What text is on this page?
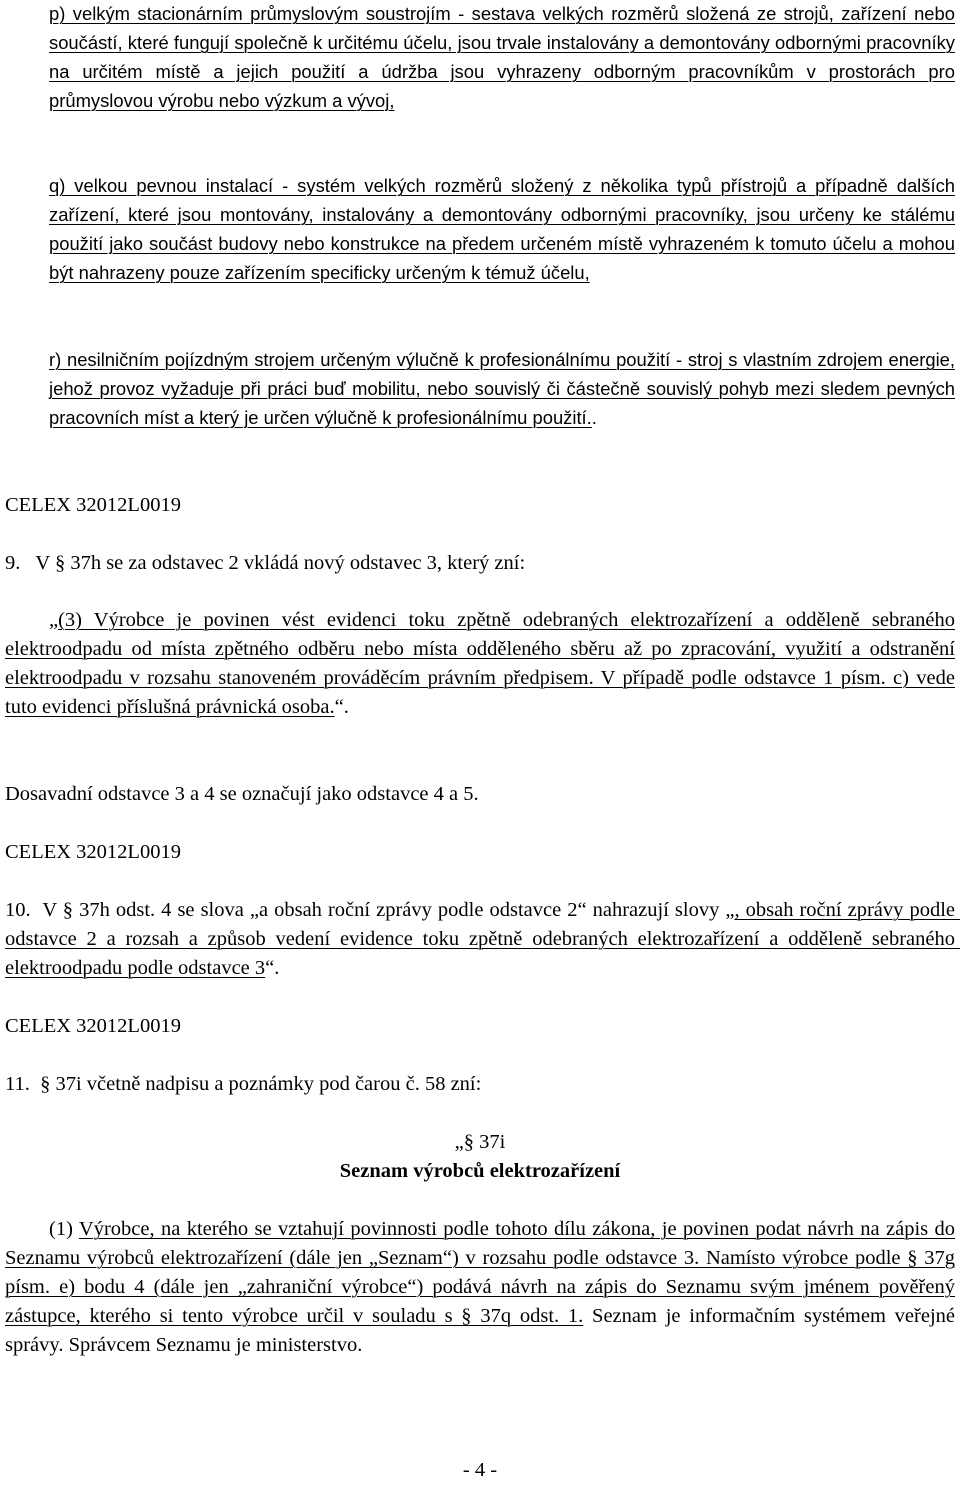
p) velkým stacionárním průmyslovým soustrojím - sestava velkých rozměrů složená ze strojů, zařízení nebo součástí, které fungují společně k určitému účelu, jsou trvale instalovány a demontovány odbornými pracovníky na určitém místě a jejich použití a údržba jsou vyhrazeny odborným pracovníkům v prostorách pro průmyslovou výrobu nebo výzkum a vývoj,

q) velkou pevnou instalací - systém velkých rozměrů složený z několika typů přístrojů a případně dalších zařízení, které jsou montovány, instalovány a demontovány odbornými pracovníky, jsou určeny ke stálému použití jako součást budovy nebo konstrukce na předem určeném místě vyhrazeném k tomuto účelu a mohou být nahrazeny pouze zařízením specificky určeným k témuž účelu,

r) nesilničním pojízdným strojem určeným výlučně k profesionálnímu použití - stroj s vlastním zdrojem energie, jehož provoz vyžaduje při práci buď mobilitu, nebo souvislý či částečně souvislý pohyb mezi sledem pevných pracovních míst a který je určen výlučně k profesionálnímu použití..

CELEX 32012L0019

9.   V § 37h se za odstavec 2 vkládá nový odstavec 3, který zní:

„(3) Výrobce je povinen vést evidenci toku zpětně odebraných elektrozařízení a odděleně sebraného elektroodpadu od místa zpětného odběru nebo místa odděleného sběru až po zpracování, využití a odstranění elektroodpadu v rozsahu stanoveném prováděcím právním předpisem. V případě podle odstavce 1 písm. c) vede tuto evidenci příslušná právnická osoba.“.

Dosavadní odstavce 3 a 4 se označují jako odstavce 4 a 5.

CELEX 32012L0019

10.  V § 37h odst. 4 se slova „a obsah roční zprávy podle odstavce 2“ nahrazují slovy „, obsah roční zprávy podle odstavce 2 a rozsah a způsob vedení evidence toku zpětně odebraných elektrozařízení a odděleně sebraného elektroodpadu podle odstavce 3“.

CELEX 32012L0019

11.  § 37i včetně nadpisu a poznámky pod čarou č. 58 zní:

„§ 37i

Seznam výrobců elektrozařízení

(1) Výrobce, na kterého se vztahují povinnosti podle tohoto dílu zákona, je povinen podat návrh na zápis do Seznamu výrobců elektrozařízení (dále jen „Seznam“) v rozsahu podle odstavce 3. Namísto výrobce podle § 37g písm. e) bodu 4 (dále jen „zahraniční výrobce“) podává návrh na zápis do Seznamu svým jménem pověřený zástupce, kterého si tento výrobce určil v souladu s § 37q odst. 1. Seznam je informačním systémem veřejné správy. Správcem Seznamu je ministerstvo.

- 4 -
